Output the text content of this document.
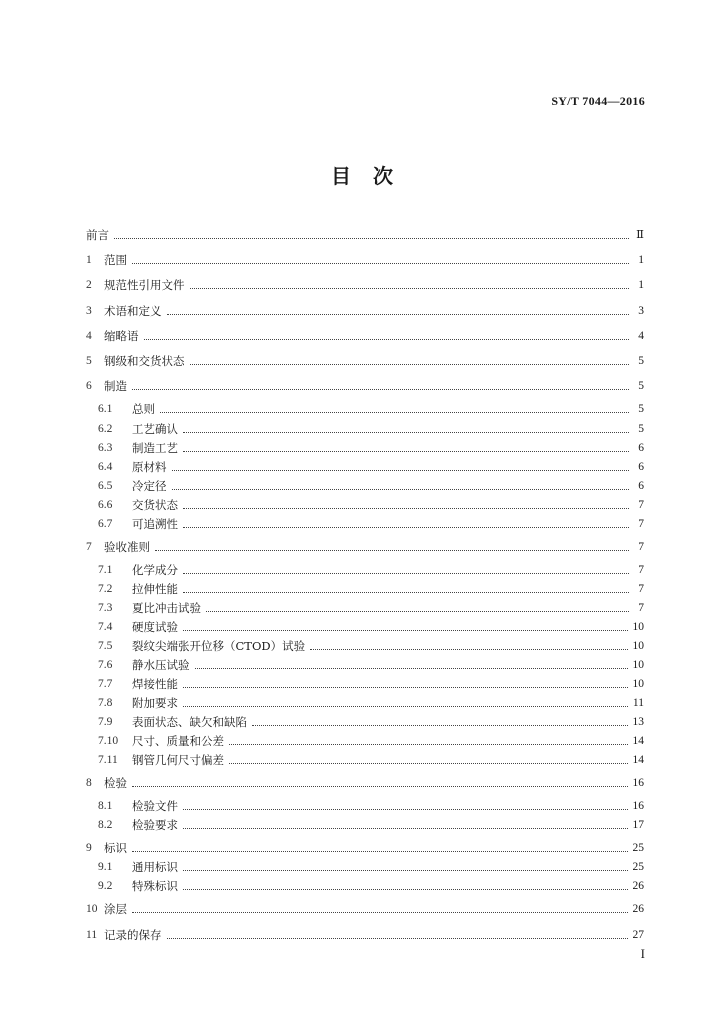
SY/T 7044—2016
目　次
前言	Ⅱ
1	范围	1
2	规范性引用文件	1
3	术语和定义	3
4	缩略语	4
5	钢级和交货状态	5
6	制造	5
6.1	总则	5
6.2	工艺确认	5
6.3	制造工艺	6
6.4	原材料	6
6.5	冷定径	6
6.6	交货状态	7
6.7	可追溯性	7
7	验收准则	7
7.1	化学成分	7
7.2	拉伸性能	7
7.3	夏比冲击试验	7
7.4	硬度试验	10
7.5	裂纹尖端张开位移（CTOD）试验	10
7.6	静水压试验	10
7.7	焊接性能	10
7.8	附加要求	11
7.9	表面状态、缺欠和缺陷	13
7.10	尺寸、质量和公差	14
7.11	钢管几何尺寸偏差	14
8	检验	16
8.1	检验文件	16
8.2	检验要求	17
9	标识	25
9.1	通用标识	25
9.2	特殊标识	26
10 涂层	26
11 记录的保存	27
I
